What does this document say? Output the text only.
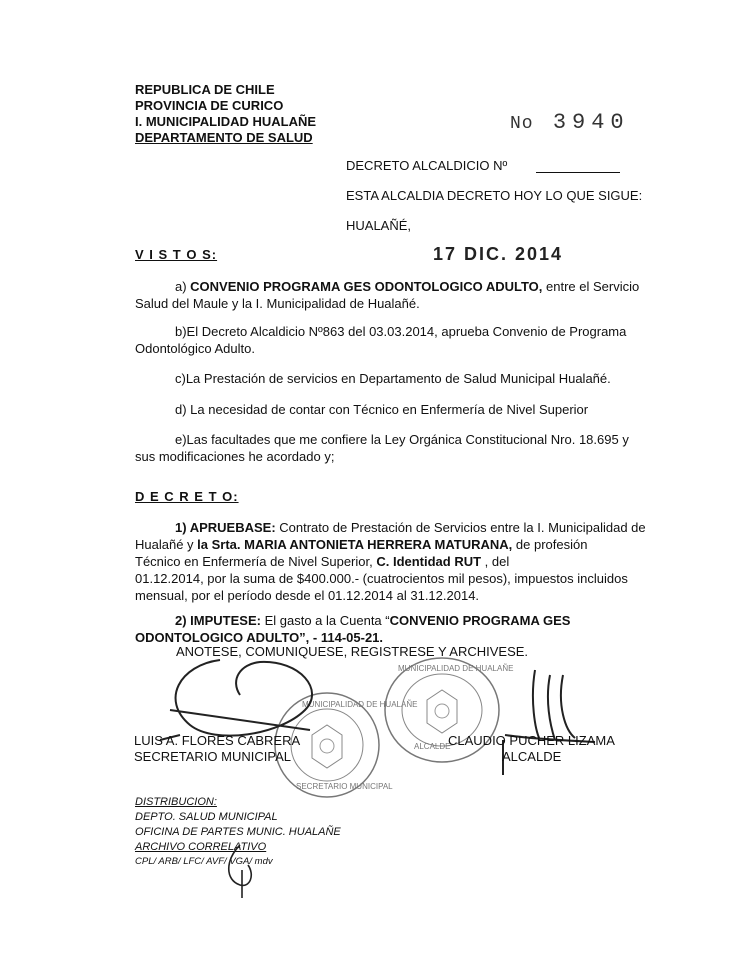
REPUBLICA DE CHILE
PROVINCIA DE CURICO
I. MUNICIPALIDAD HUALAÑE
DEPARTAMENTO DE SALUD
No 3940
DECRETO ALCALDICIO Nº
ESTA ALCALDIA DECRETO HOY LO QUE SIGUE:
HUALAÑÉ,
V I S T O S:	17 DIC. 2014
a) CONVENIO PROGRAMA GES ODONTOLOGICO ADULTO, entre el Servicio
Salud del Maule y la I. Municipalidad de Hualañé.
b)El Decreto Alcaldicio Nº863 del 03.03.2014, aprueba Convenio de Programa
Odontológico Adulto.
c)La Prestación de servicios en Departamento de Salud Municipal Hualañé.
d) La necesidad de contar con Técnico en Enfermería de Nivel Superior
e)Las facultades que me confiere la Ley Orgánica Constitucional Nro. 18.695 y
sus modificaciones he acordado y;
D E C R E T O:
1) APRUEBASE: Contrato de Prestación de Servicios entre la I. Municipalidad de
Hualañé y la Srta. MARIA ANTONIETA HERRERA MATURANA, de profesión
Técnico en Enfermería de Nivel Superior, C. Identidad RUT , del
01.12.2014, por la suma de $400.000.- (cuatrocientos mil pesos), impuestos incluidos
mensual, por el período desde el 01.12.2014 al 31.12.2014.
2) IMPUTESE: El gasto a la Cuenta “CONVENIO PROGRAMA GES
ODONTOLOGICO ADULTO”, - 114-05-21.
ANOTESE, COMUNIQUESE, REGISTRESE Y ARCHIVESE.
MUNICIPALIDAD DE HUALAÑE
SECRETARIO MUNICIPAL
MUNICIPALIDAD DE HUALAÑE
ALCALDE
LUIS A. FLORES CABRERA
SECRETARIO MUNICIPAL
CLAUDIO PUCHER LIZAMA
ALCALDE
DISTRIBUCION:
DEPTO. SALUD MUNICIPAL
OFICINA DE PARTES MUNIC. HUALAÑE
ARCHIVO CORRELATIVO
CPL/ ARB/ LFC/ AVF/ VGA/ mdv
